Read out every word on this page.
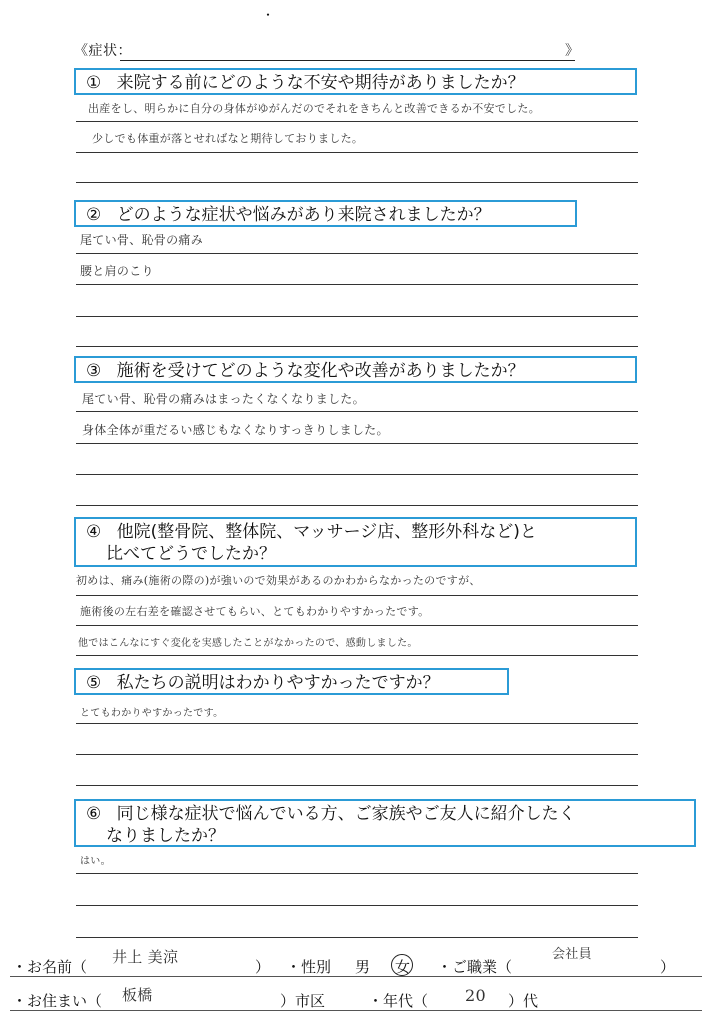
・
《症状：	》
① 来院する前にどのような不安や期待がありましたか？
出産をし、明らかに自分の身体がゆがんだのでそれをきちんと改善できるか不安でした。
少しでも体重が落とせればなと期待しておりました。
② どのような症状や悩みがあり来院されましたか？
尾てい骨、恥骨の痛み
腰と肩のこり
③ 施術を受けてどのような変化や改善がありましたか？
尾てい骨、恥骨の痛みはまったくなくなりました。
身体全体が重だるい感じもなくなりすっきりしました。
④ 他院(整骨院、整体院、マッサージ店、整形外科など)と
比べてどうでしたか？
初めは、痛み(施術の際の)が強いので効果があるのかわからなかったのですが、
施術後の左右差を確認させてもらい、とてもわかりやすかったです。
他ではこんなにすぐ変化を実感したことがなかったので、感動しました。
⑤ 私たちの説明はわかりやすかったですか？
とてもわかりやすかったです。
⑥ 同じ様な症状で悩んでいる方、ご家族やご友人に紹介したく
なりましたか？
はい。
・お名前（
井上 美涼
） ・性別 男 女 ・ご職業（
会社員
）
・お住まい（ 板橋	）市区	・年代（ 20 ）代
